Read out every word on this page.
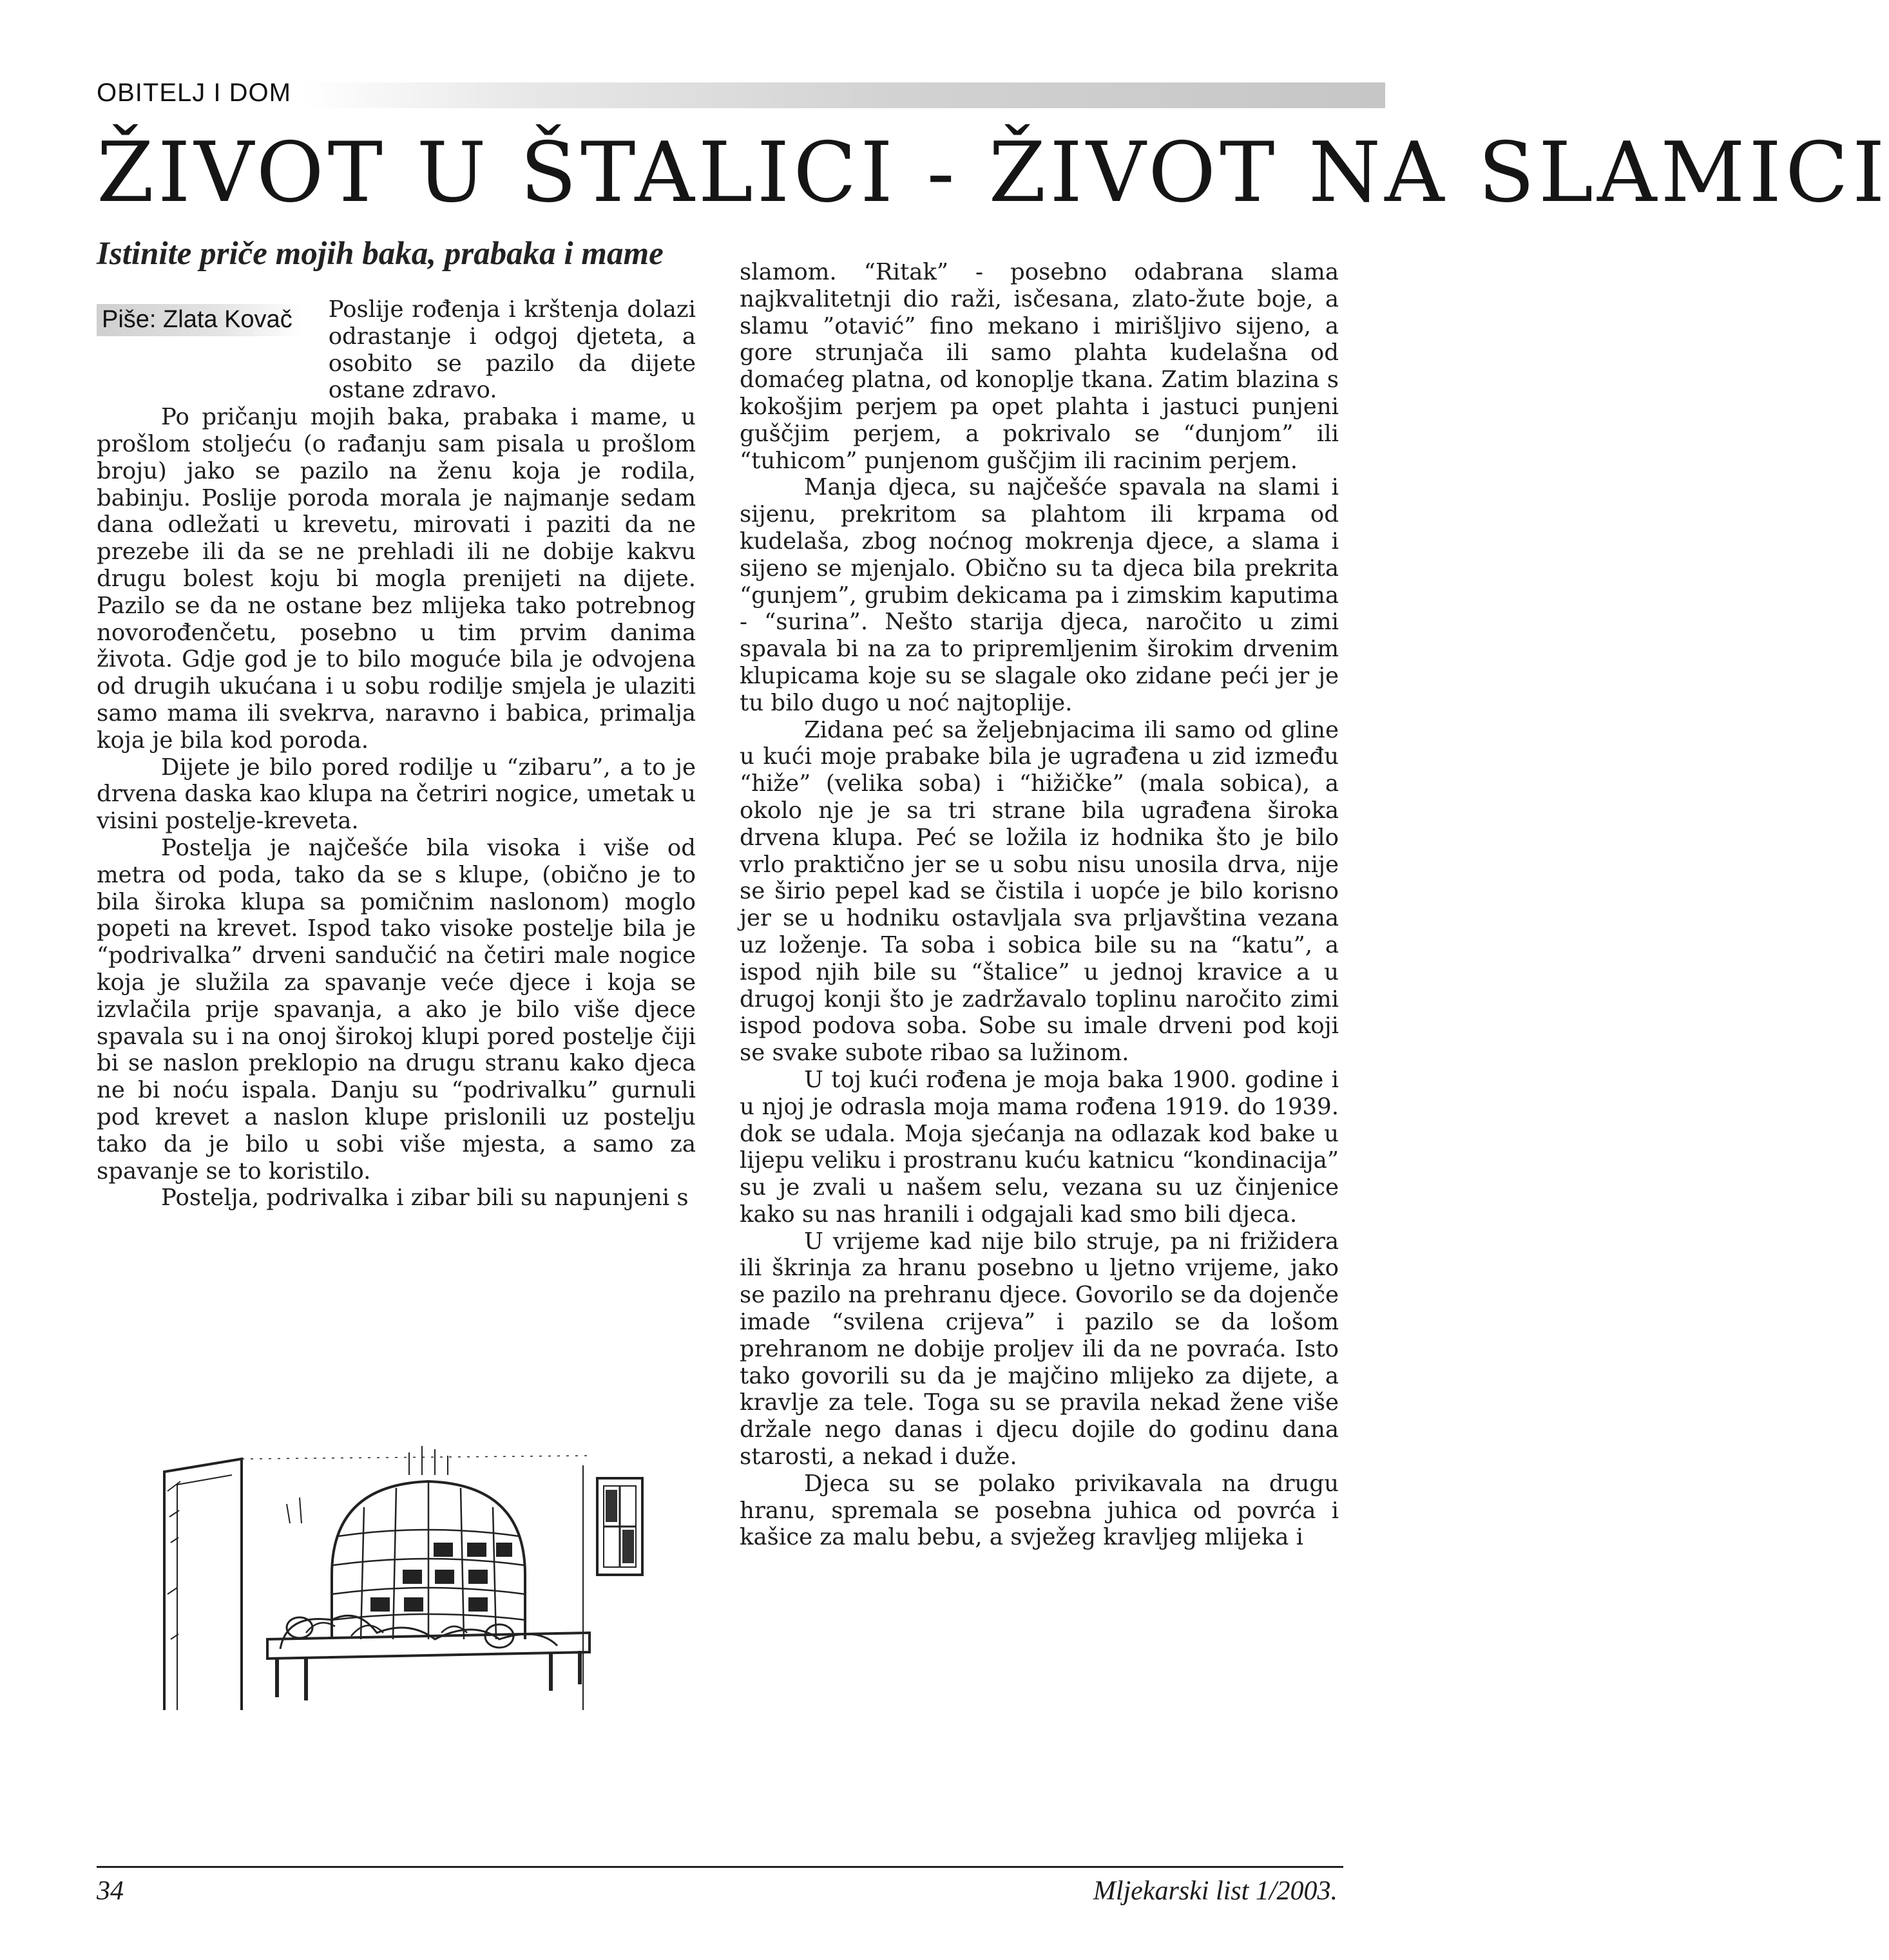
OBITELJ I DOM
ŽIVOT U ŠTALICI - ŽIVOT NA SLAMICI
Istinite priče mojih baka, prabaka i mame
Piše: Zlata Kovač	Poslije rođenja i krštenja dolazi odrastanje i odgoj djeteta, a osobito se pazilo da dijete ostane zdravo.

Po pričanju mojih baka, prabaka i mame, u prošlom stoljeću (o rađanju sam pisala u prošlom broju) jako se pazilo na ženu koja je rodila, babinju. Poslije poroda morala je najmanje sedam dana odležati u krevetu, mirovati i paziti da ne prezebe ili da se ne prehladi ili ne dobije kakvu drugu bolest koju bi mogla prenijeti na dijete. Pazilo se da ne ostane bez mlijeka tako potrebnog novorođenčetu, posebno u tim prvim danima života. Gdje god je to bilo moguće bila je odvojena od drugih ukućana i u sobu rodilje smjela je ulaziti samo mama ili svekrva, naravno i babica, primalja koja je bila kod poroda.

Dijete je bilo pored rodilje u “zibaru”, a to je drvena daska kao klupa na četriri nogice, umetak u visini postelje-kreveta.

Postelja je najčešće bila visoka i više od metra od poda, tako da se s klupe, (obično je to bila široka klupa sa pomičnim naslonom) moglo popeti na krevet. Ispod tako visoke postelje bila je “podrivalka” drveni sandučić na četiri male nogice koja je služila za spavanje veće djece i koja se izvlačila prije spavanja, a ako je bilo više djece spavala su i na onoj širokoj klupi pored postelje čiji bi se naslon preklopio na drugu stranu kako djeca ne bi noću ispala. Danju su “podrivalku” gurnuli pod krevet a naslon klupe prislonili uz postelju tako da je bilo u sobi više mjesta, a samo za spavanje se to koristilo.

Postelja, podrivalka i zibar bili su napunjeni s

slamom. “Ritak” - posebno odabrana slama najkvalitetnji dio raži, isčesana, zlato-žute boje, a slamu ”otavić” fino mekano i mirišljivo sijeno, a gore strunjača ili samo plahta kudelašna od domaćeg platna, od konoplje tkana. Zatim blazina s kokošjim perjem pa opet plahta i jastuci punjeni guščjim perjem, a pokrivalo se “dunjom” ili “tuhicom” punjenom guščjim ili racinim perjem.

Manja djeca, su najčešće spavala na slami i sijenu, prekritom sa plahtom ili krpama od kudelaša, zbog noćnog mokrenja djece, a slama i sijeno se mjenjalo. Obično su ta djeca bila prekrita “gunjem”, grubim dekicama pa i zimskim kaputima - “surina”. Nešto starija djeca, naročito u zimi spavala bi na za to pripremljenim širokim drvenim klupicama koje su se slagale oko zidane peći jer je tu bilo dugo u noć najtoplije.

Zidana peć sa željebnjacima ili samo od gline u kući moje prabake bila je ugrađena u zid između “hiže” (velika soba) i “hižičke” (mala sobica), a okolo nje je sa tri strane bila ugrađena široka drvena klupa. Peć se ložila iz hodnika što je bilo vrlo praktično jer se u sobu nisu unosila drva, nije se širio pepel kad se čistila i uopće je bilo korisno jer se u hodniku ostavljala sva prljavština vezana uz loženje. Ta soba i sobica bile su na “katu”, a ispod njih bile su “štalice” u jednoj kravice a u drugoj konji što je zadržavalo toplinu naročito zimi ispod podova soba. Sobe su imale drveni pod koji se svake subote ribao sa lužinom.

U toj kući rođena je moja baka 1900. godine i u njoj je odrasla moja mama rođena 1919. do 1939. dok se udala. Moja sjećanja na odlazak kod bake u lijepu veliku i prostranu kuću katnicu “kondinacija” su je zvali u našem selu, vezana su uz činjenice kako su nas hranili i odgajali kad smo bili djeca.

U vrijeme kad nije bilo struje, pa ni frižidera ili škrinja za hranu posebno u ljetno vrijeme, jako se pazilo na prehranu djece. Govorilo se da dojenče imade “svilena crijeva” i pazilo se da lošom prehranom ne dobije proljev ili da ne povraća. Isto tako govorili su da je majčino mlijeko za dijete, a kravlje za tele. Toga su se pravila nekad žene više držale nego danas i djecu dojile do godinu dana starosti, a nekad i duže.

Djeca su se polako privikavala na drugu hranu, spremala se posebna juhica od povrća i kašice za malu bebu, a svježeg kravljeg mlijeka i

34	Mljekarski list 1/2003.
